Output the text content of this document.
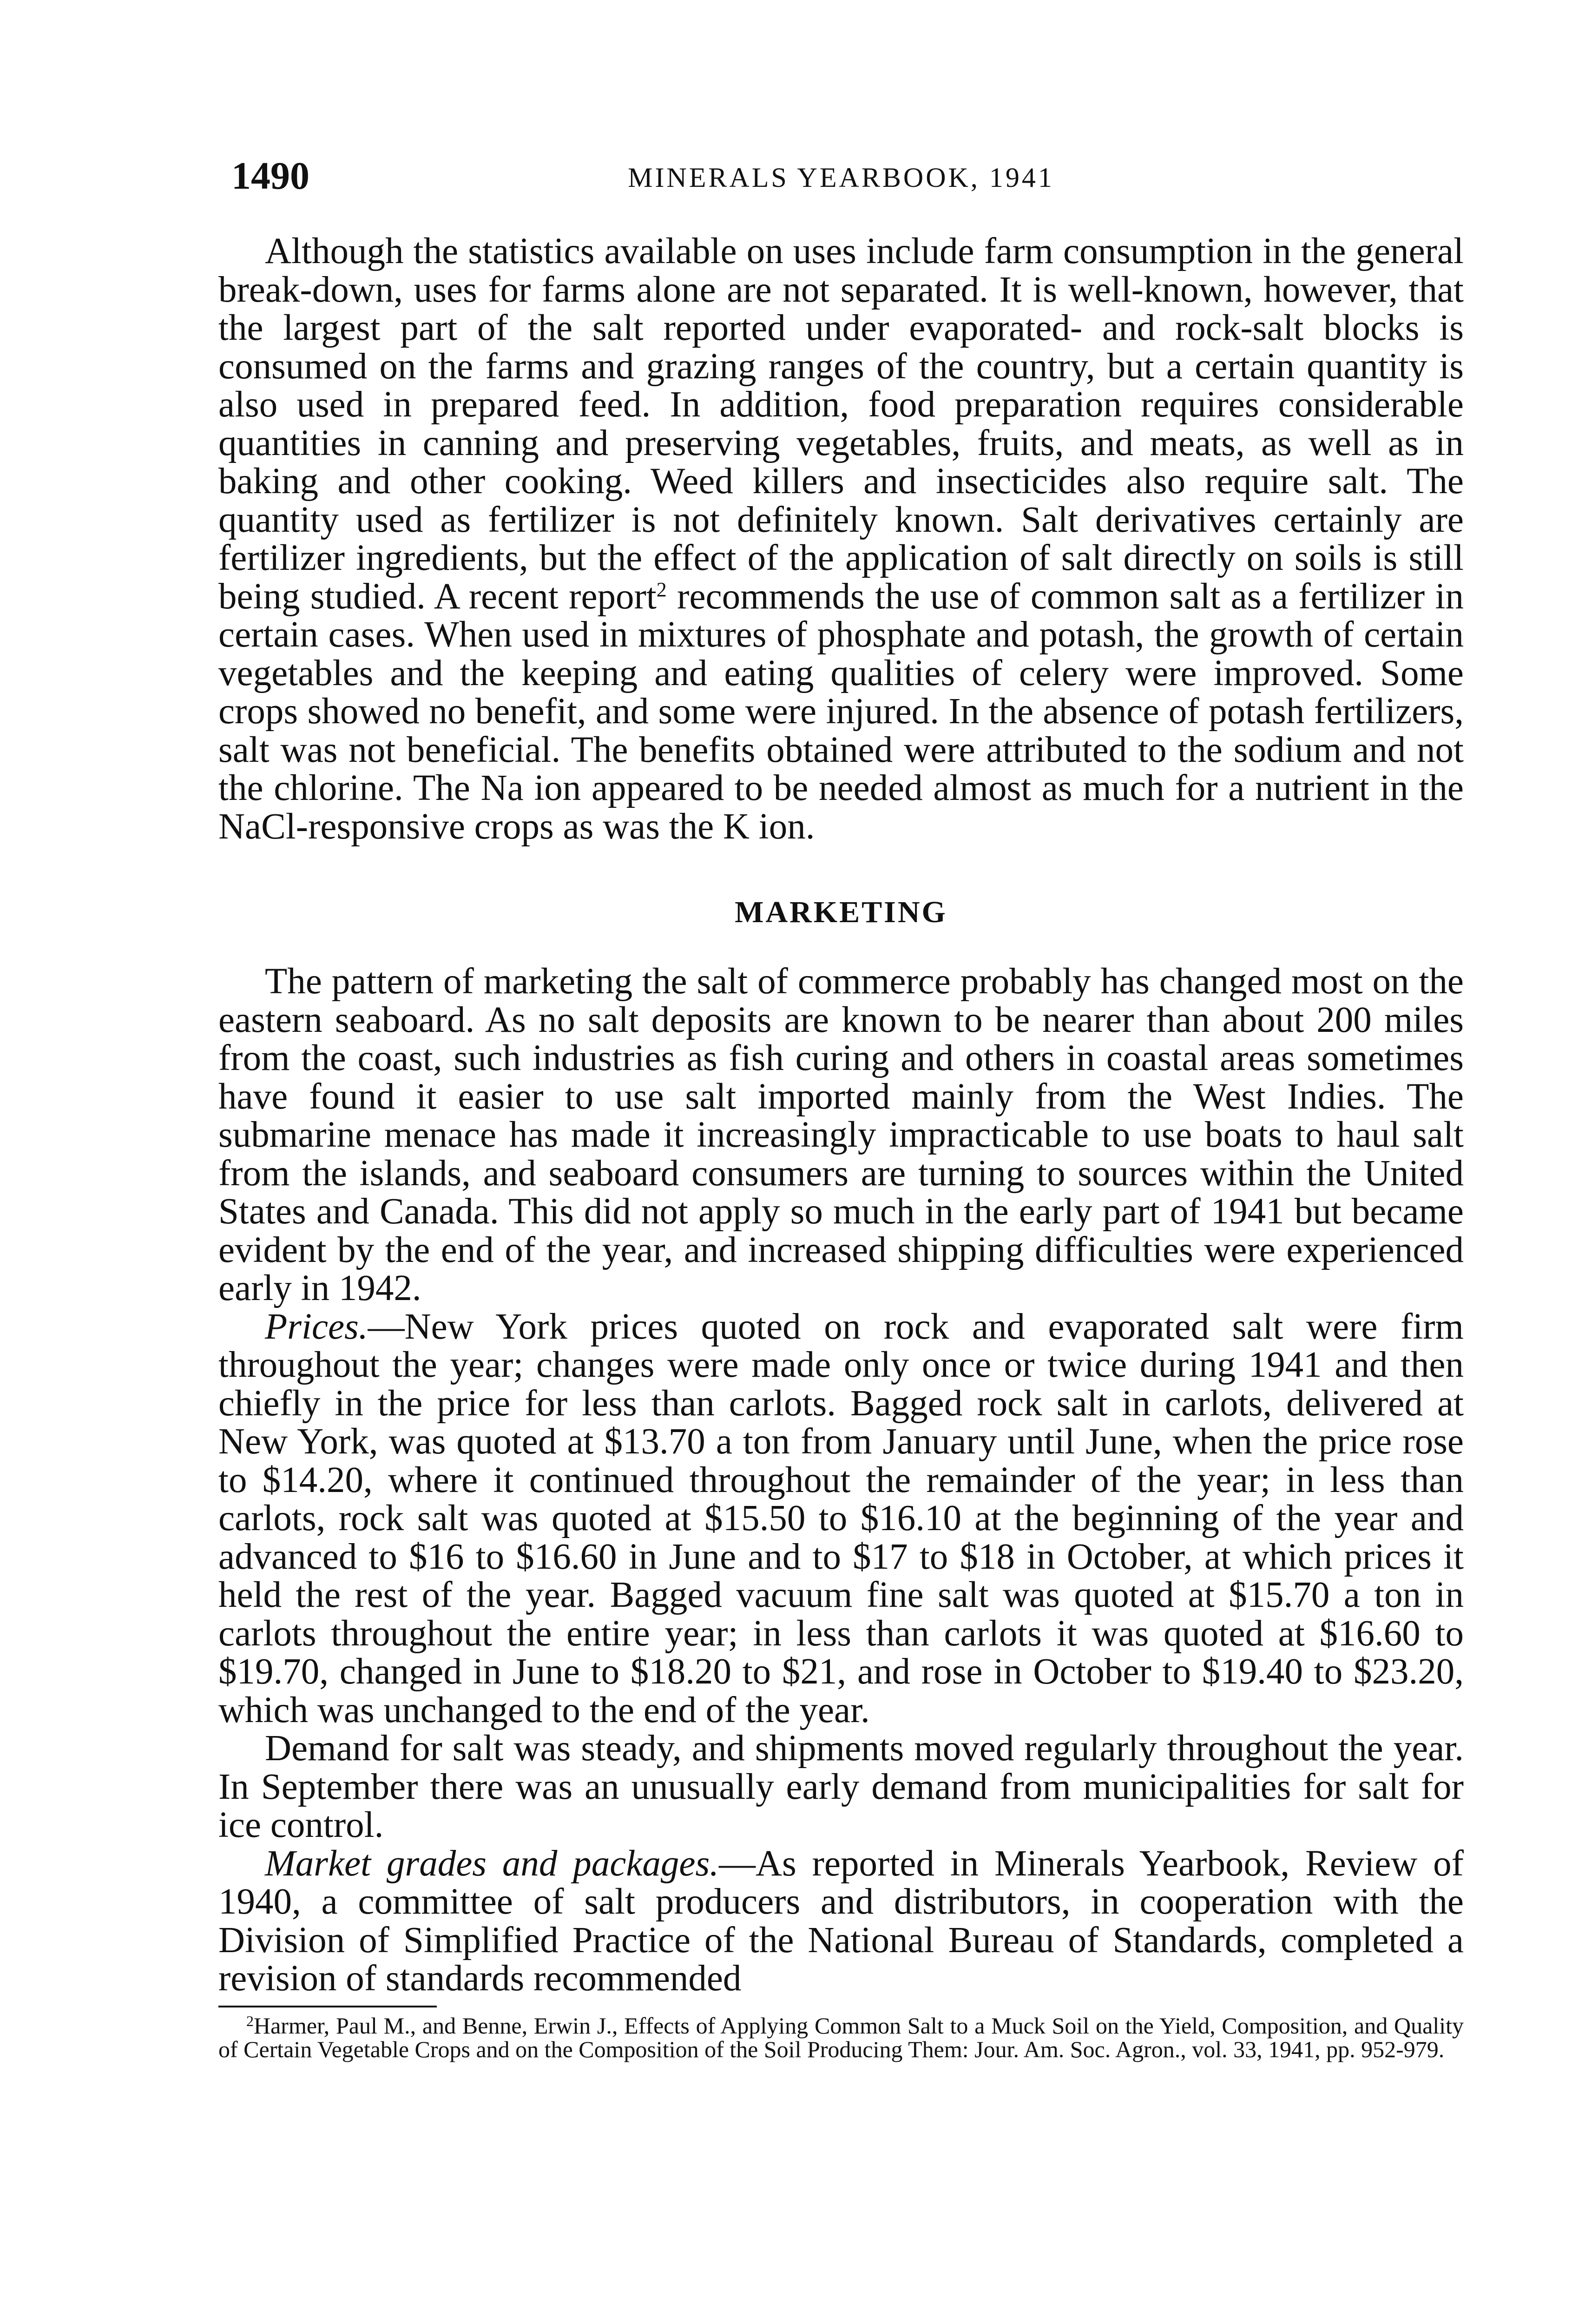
1490	MINERALS YEARBOOK, 1941

Although the statistics available on uses include farm consumption in the general break-down, uses for farms alone are not separated. It is well-known, however, that the largest part of the salt reported under evaporated- and rock-salt blocks is consumed on the farms and grazing ranges of the country, but a certain quantity is also used in prepared feed. In addition, food preparation requires considerable quantities in canning and preserving vegetables, fruits, and meats, as well as in baking and other cooking. Weed killers and insecticides also require salt. The quantity used as fertilizer is not definitely known. Salt derivatives certainly are fertilizer ingredients, but the effect of the application of salt directly on soils is still being studied. A recent report$^2$ recommends the use of common salt as a fertilizer in certain cases. When used in mixtures of phosphate and potash, the growth of certain vegetables and the keeping and eating qualities of celery were improved. Some crops showed no benefit, and some were injured. In the absence of potash fertilizers, salt was not beneficial. The benefits obtained were attributed to the sodium and not the chlorine. The Na ion appeared to be needed almost as much for a nutrient in the NaCl-responsive crops as was the K ion.

MARKETING

The pattern of marketing the salt of commerce probably has changed most on the eastern seaboard. As no salt deposits are known to be nearer than about 200 miles from the coast, such industries as fish curing and others in coastal areas sometimes have found it easier to use salt imported mainly from the West Indies. The submarine menace has made it increasingly impracticable to use boats to haul salt from the islands, and seaboard consumers are turning to sources within the United States and Canada. This did not apply so much in the early part of 1941 but became evident by the end of the year, and increased shipping difficulties were experienced early in 1942.

Prices.—New York prices quoted on rock and evaporated salt were firm throughout the year; changes were made only once or twice during 1941 and then chiefly in the price for less than carlots. Bagged rock salt in carlots, delivered at New York, was quoted at $13.70 a ton from January until June, when the price rose to $14.20, where it continued throughout the remainder of the year; in less than carlots, rock salt was quoted at $15.50 to $16.10 at the beginning of the year and advanced to $16 to $16.60 in June and to $17 to $18 in October, at which prices it held the rest of the year. Bagged vacuum fine salt was quoted at $15.70 a ton in carlots throughout the entire year; in less than carlots it was quoted at $16.60 to $19.70, changed in June to $18.20 to $21, and rose in October to $19.40 to $23.20, which was unchanged to the end of the year.

Demand for salt was steady, and shipments moved regularly throughout the year. In September there was an unusually early demand from municipalities for salt for ice control.

Market grades and packages.—As reported in Minerals Yearbook, Review of 1940, a committee of salt producers and distributors, in cooperation with the Division of Simplified Practice of the National Bureau of Standards, completed a revision of standards recommended

$^2$Harmer, Paul M., and Benne, Erwin J., Effects of Applying Common Salt to a Muck Soil on the Yield, Composition, and Quality of Certain Vegetable Crops and on the Composition of the Soil Producing Them: Jour. Am. Soc. Agron., vol. 33, 1941, pp. 952-979.
